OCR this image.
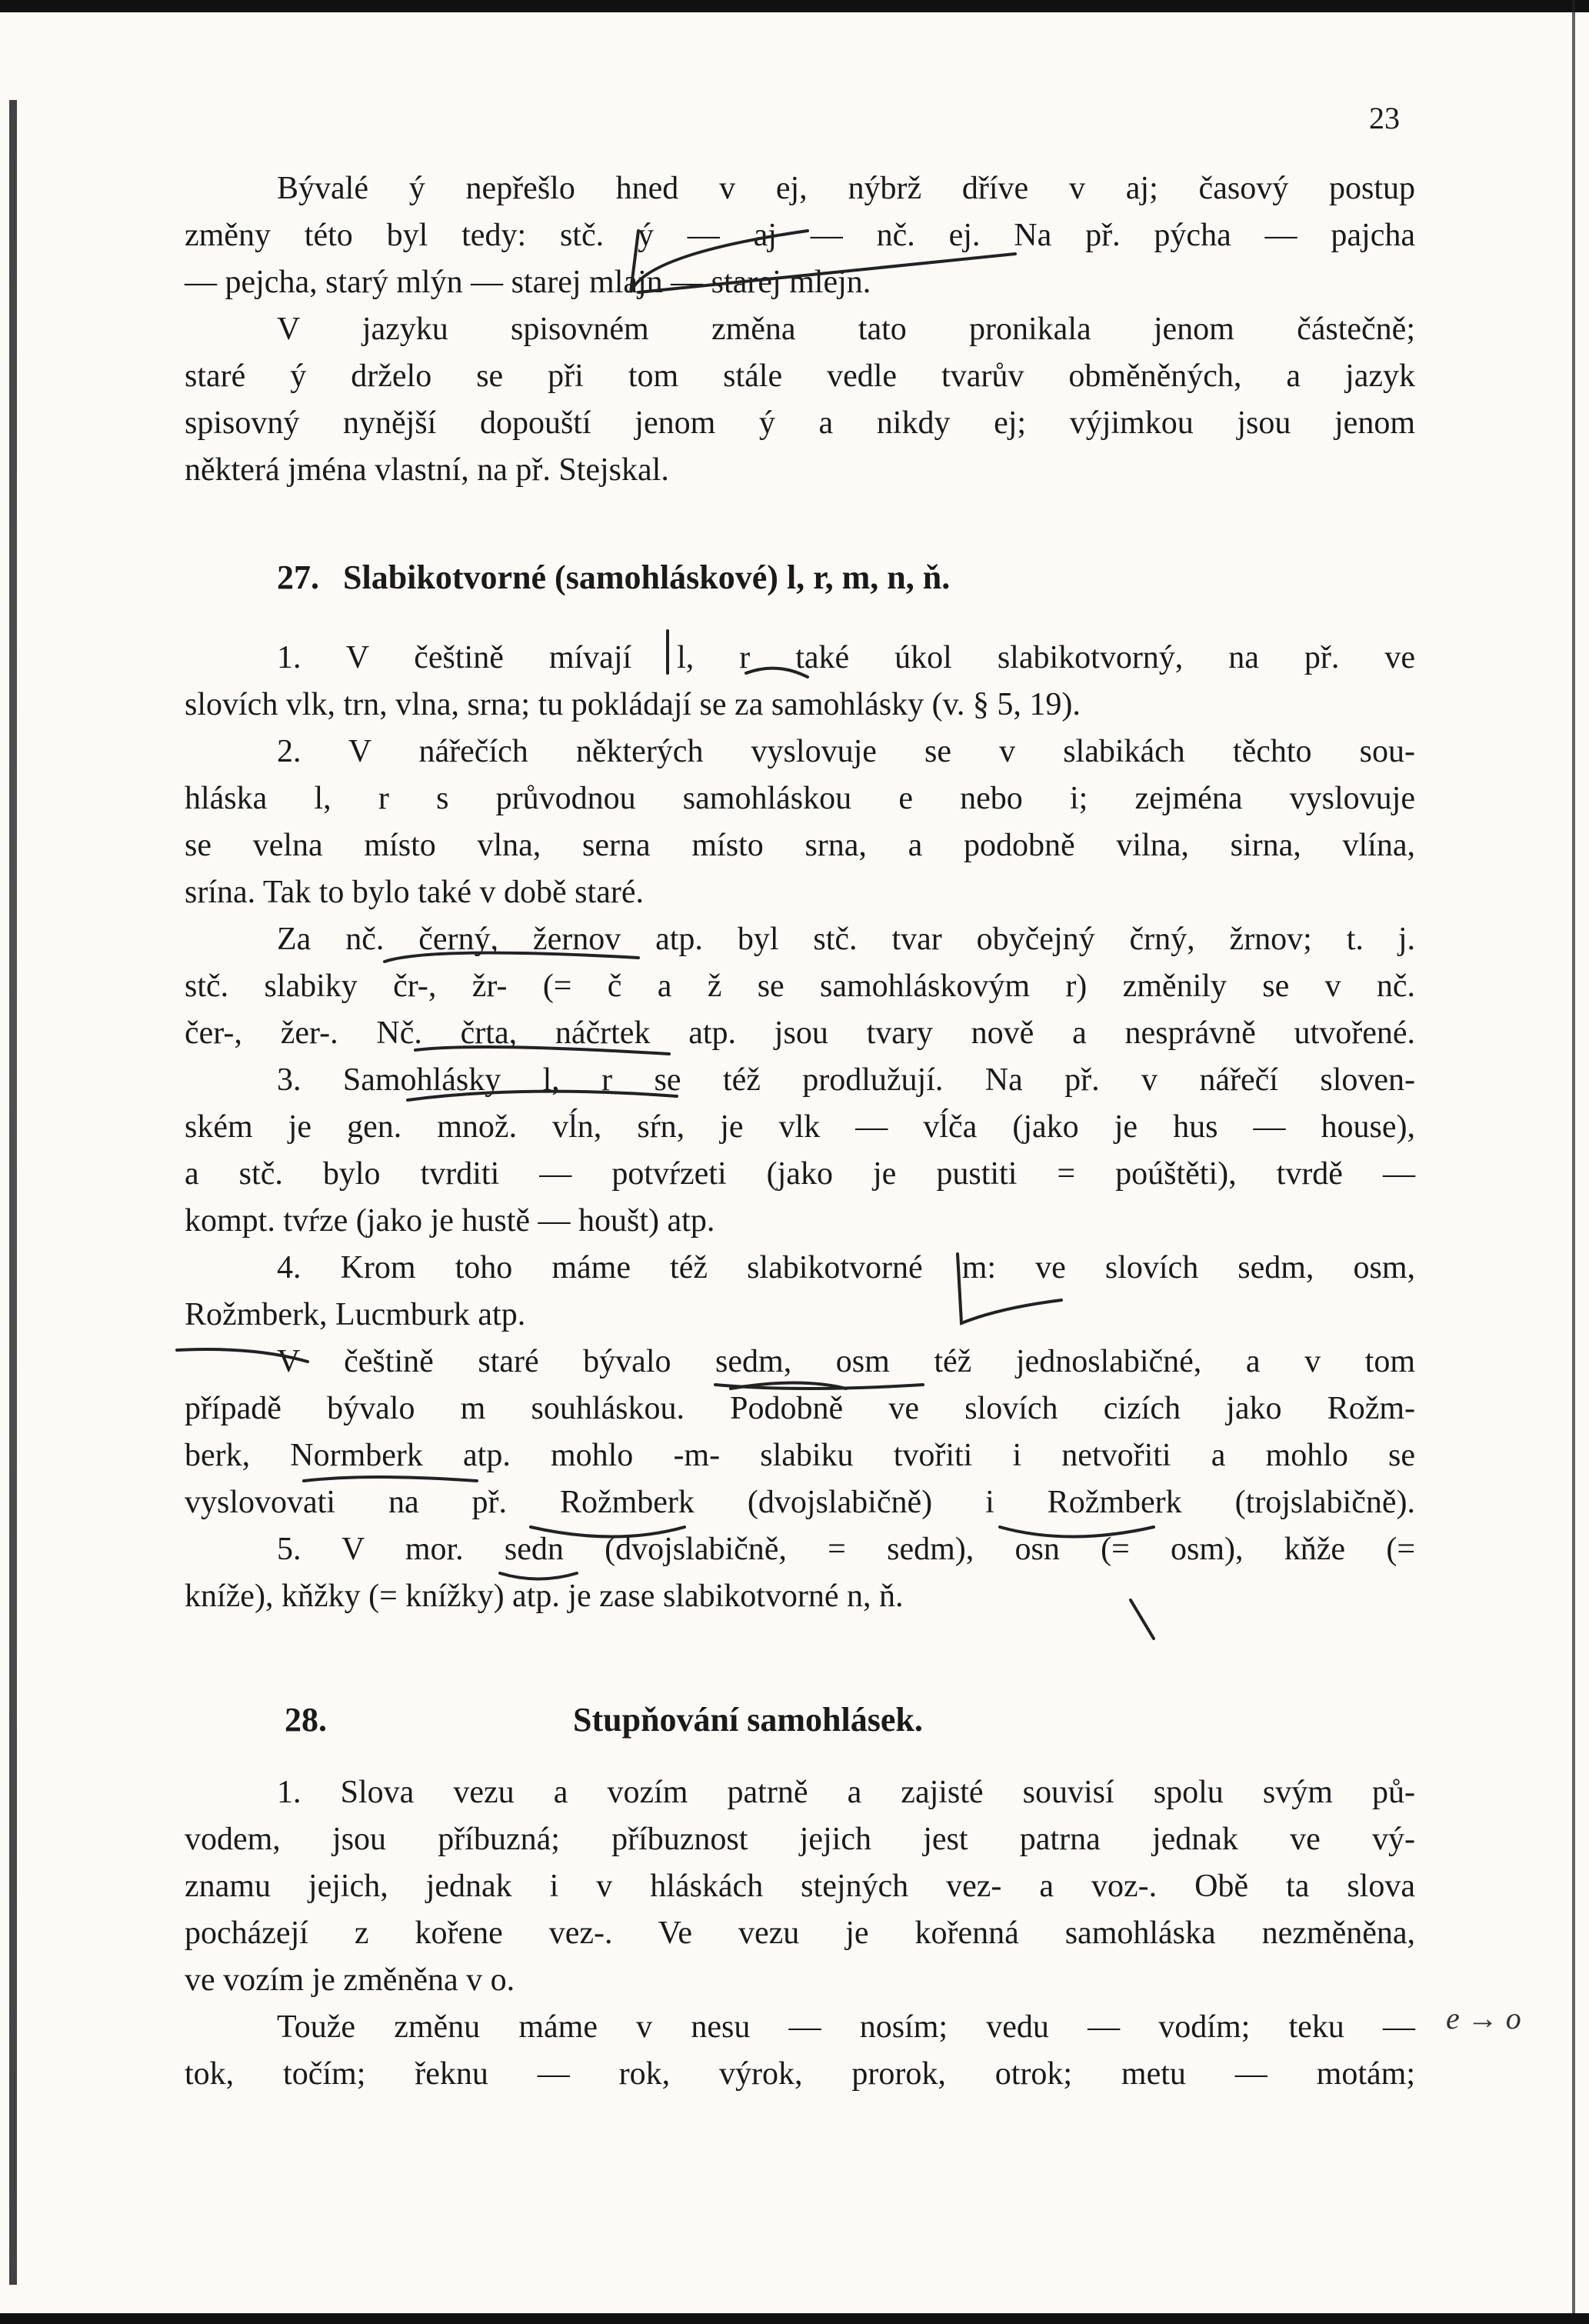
23
Bývalé ý nepřešlo hned v ej, nýbrž dříve v aj; časový postup
změny této byl tedy: stč. ý — aj — nč. ej. Na př. pýcha — pajcha
— pejcha, starý mlýn — starej mlajn — starej mlejn.
V jazyku spisovném změna tato pronikala jenom částečně;
staré ý drželo se při tom stále vedle tvarův obměněných, a jazyk
spisovný nynější dopouští jenom ý a nikdy ej; výjimkou jsou jenom
některá jména vlastní, na př. Stejskal.
27. Slabikotvorné (samohláskové) l, r, m, n, ň.
1. V češtině mívají l, r také úkol slabikotvorný, na př. ve
slovích vlk, trn, vlna, srna; tu pokládají se za samohlásky (v. § 5, 19).
2. V nářečích některých vyslovuje se v slabikách těchto sou-
hláska l, r s průvodnou samohláskou e nebo i; zejména vyslovuje
se velna místo vlna, serna místo srna, a podobně vilna, sirna, vlína,
srína. Tak to bylo také v době staré.
Za nč. černý, žernov atp. byl stč. tvar obyčejný črný, žrnov; t. j.
stč. slabiky čr-, žr- (= č a ž se samohláskovým r) změnily se v nč.
čer-, žer-. Nč. črta, náčrtek atp. jsou tvary nově a nesprávně utvořené.
3. Samohlásky l, r se též prodlužují. Na př. v nářečí sloven-
ském je gen. množ. vĺn, sŕn, je vlk — vĺča (jako je hus — house),
a stč. bylo tvrditi — potvŕzeti (jako je pustiti = poúštěti), tvrdě —
kompt. tvŕze (jako je hustě — houšt) atp.
4. Krom toho máme též slabikotvorné m: ve slovích sedm, osm,
Rožmberk, Lucmburk atp.
V češtině staré bývalo sedm, osm též jednoslabičné, a v tom
případě bývalo m souhláskou. Podobně ve slovích cizích jako Rožm-
berk, Normberk atp. mohlo -m- slabiku tvořiti i netvořiti a mohlo se
vyslovovati na př. Rožmberk (dvojslabičně) i Rožmberk (trojslabičně).
5. V mor. sedn (dvojslabičně, = sedm), osn (= osm), kňže (=
kníže), kňžky (= knížky) atp. je zase slabikotvorné n, ň.
28.	Stupňování samohlásek.
1. Slova vezu a vozím patrně a zajisté souvisí spolu svým pů-
vodem, jsou příbuzná; příbuznost jejich jest patrna jednak ve vý-
znamu jejich, jednak i v hláskách stejných vez- a voz-. Obě ta slova
pocházejí z kořene vez-. Ve vezu je kořenná samohláska nezměněna,
ve vozím je změněna v o.
Touže změnu máme v nesu — nosím; vedu — vodím; teku —
tok, točím; řeknu — rok, výrok, prorok, otrok; metu — motám;
e → o
